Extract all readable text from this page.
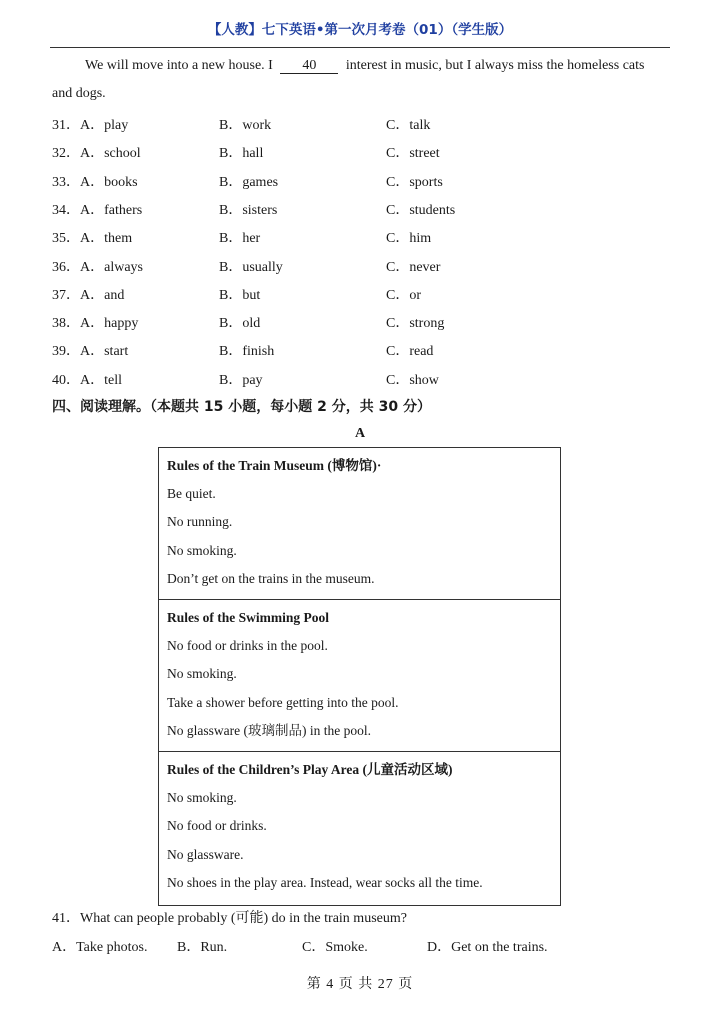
【人教】七下英语•第一次月考卷（01）（学生版）
We will move into a new house. I 40 interest in music, but I always miss the homeless cats
and dogs.
31．A．play	B．work	C．talk
32．A．school	B．hall	C．street
33．A．books	B．games	C．sports
34．A．fathers	B．sisters	C．students
35．A．them	B．her	C．him
36．A．always	B．usually	C．never
37．A．and	B．but	C．or
38．A．happy	B．old	C．strong
39．A．start	B．finish	C．read
40．A．tell	B．pay	C．show
四、阅读理解。（本题共 15 小题，每小题 2 分，共 30 分）
A
Rules of the Train Museum (博物馆)·
Be quiet.
No running.
No smoking.
Don’t get on the trains in the museum.
Rules of the Swimming Pool
No food or drinks in the pool.
No smoking.
Take a shower before getting into the pool.
No glassware (玻璃制品) in the pool.
Rules of the Children’s Play Area (儿童活动区域)
No smoking.
No food or drinks.
No glassware.
No shoes in the play area. Instead, wear socks all the time.
41．What can people probably (可能) do in the train museum?
A．Take photos. B．Run.	C．Smoke.	D．Get on the trains.
第 4 页 共 27 页
